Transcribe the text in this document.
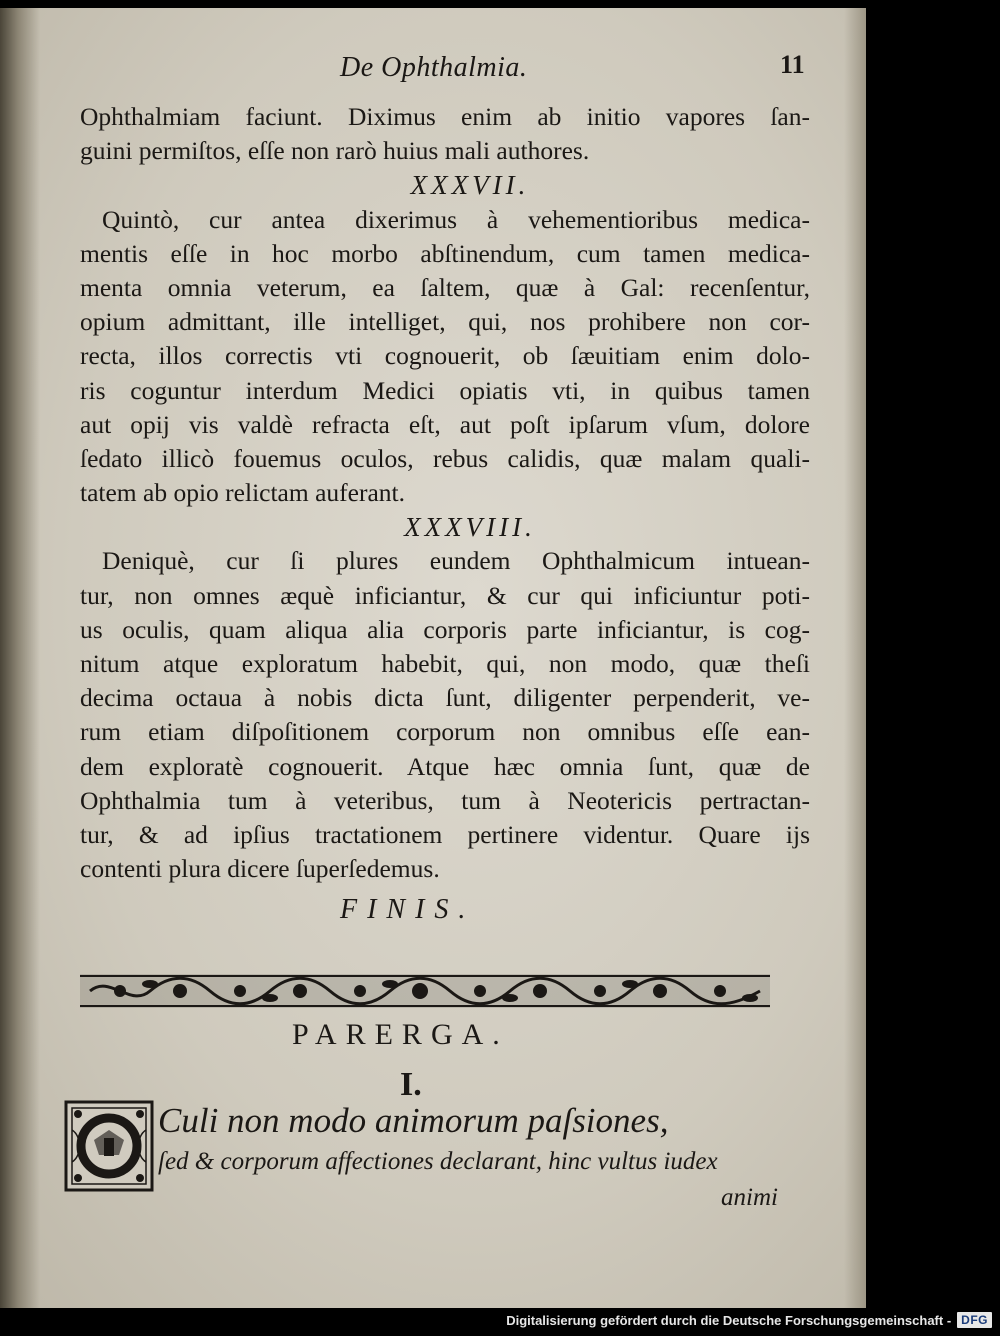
De Ophthalmia.	11
Ophthalmiam faciunt. Diximus enim ab initio vapores ſan-
guini permiſtos, eſſe non rarò huius mali authores.
XXXVII.
Quintò, cur antea dixerimus à vehementioribus medica-
mentis eſſe in hoc morbo abſtinendum, cum tamen medica-
menta omnia veterum, ea ſaltem, quæ à Gal: recenſentur,
opium admittant, ille intelliget, qui, nos prohibere non cor-
recta, illos correctis vti cognouerit, ob ſæuitiam enim dolo-
ris coguntur interdum Medici opiatis vti, in quibus tamen
aut opij vis valdè refracta eſt, aut poſt ipſarum vſum, dolore
ſedato illicò fouemus oculos, rebus calidis, quæ malam quali-
tatem ab opio relictam auferant.
XXXVIII.
Deniquè, cur ſi plures eundem Ophthalmicum intuean-
tur, non omnes æquè inficiantur, & cur qui inficiuntur poti-
us oculis, quam aliqua alia corporis parte inficiantur, is cog-
nitum atque exploratum habebit, qui, non modo, quæ theſi
decima octaua à nobis dicta ſunt, diligenter perpenderit, ve-
rum etiam diſpoſitionem corporum non omnibus eſſe ean-
dem exploratè cognouerit. Atque hæc omnia ſunt, quæ de
Ophthalmia tum à veteribus, tum à Neotericis pertractan-
tur, & ad ipſius tractationem pertinere videntur. Quare ijs
contenti plura dicere ſuperſedemus.
FINIS.
PARERGA.
I.
Culi non modo animorum paſsiones,
ſed & corporum affectiones declarant, hinc vultus iudex
animi
Digitalisierung gefördert durch die Deutsche Forschungsgemeinschaft - DFG
